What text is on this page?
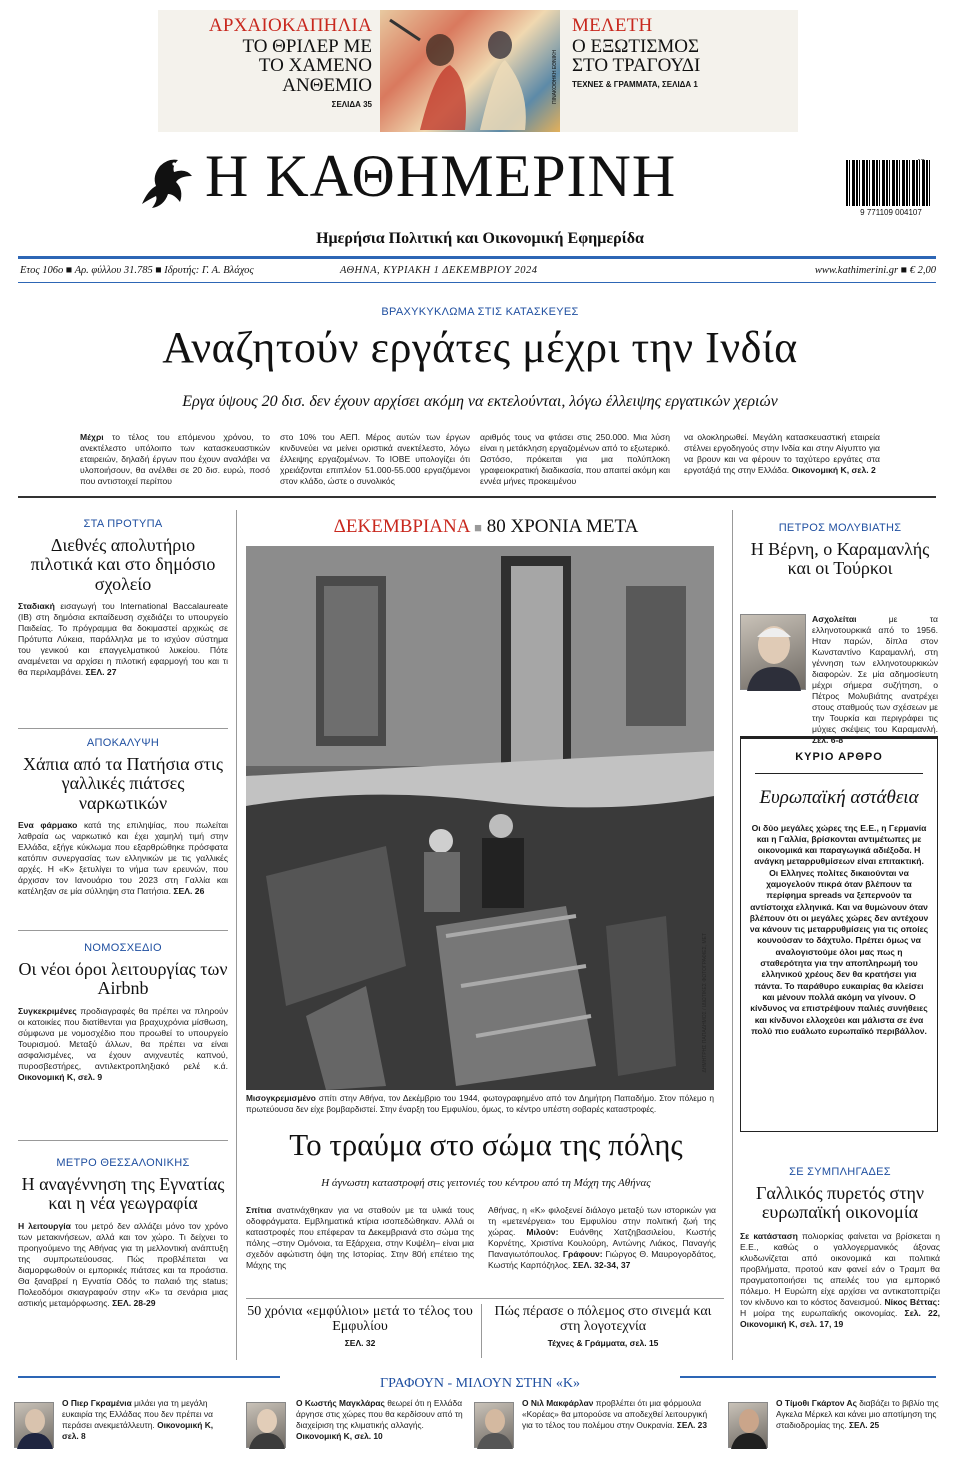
ΑΡΧΑΙΟΚΑΠΗΛΙΑ
ΤΟ ΘΡΙΛΕΡ ΜΕ
ΤΟ ΧΑΜΕΝΟ ΑΝΘΕΜΙΟ
ΣΕΛΙΔΑ 35
ΠΙΝΑΚΟΘΗΚΗ ΕΘΝΙΚΗ
ΜΕΛΕΤΗ
Ο ΕΞΩΤΙΣΜΟΣ
ΣΤΟ ΤΡΑΓΟΥΔΙ
ΤΕΧΝΕΣ & ΓΡΑΜΜΑΤΑ, ΣΕΛΙΔΑ 1
Η ΚΑΘΗΜΕΡΙΝΗ
Ημερήσια Πολιτική και Οικονομική Εφημερίδα
9 771109 004107
Ετος 106ο ■ Αρ. φύλλου 31.785 ■ Ιδρυτής: Γ. Α. Βλάχος	ΑΘΗΝΑ, ΚΥΡΙΑΚΗ 1 ΔΕΚΕΜΒΡΙΟΥ 2024	www.kathimerini.gr ■ € 2,00
ΒΡΑΧΥΚΥΚΛΩΜΑ ΣΤΙΣ ΚΑΤΑΣΚΕΥΕΣ
Αναζητούν εργάτες μέχρι την Ινδία
Εργα ύψους 20 δισ. δεν έχουν αρχίσει ακόμη να εκτελούνται, λόγω έλλειψης εργατικών χεριών
Μέχρι το τέλος του επόμενου χρόνου, το ανεκτέλεστο υπόλοιπο των κατασκευαστικών εταιρειών, δηλαδή έργων που έχουν αναλάβει να υλοποιήσουν, θα ανέλθει σε 20 δισ. ευρώ, ποσό που αντιστοιχεί περίπου
στο 10% του ΑΕΠ. Μέρος αυτών των έργων κινδυνεύει να μείνει οριστικά ανεκτέλεστο, λόγω έλλειψης εργαζομένων. Το ΙΟΒΕ υπολογίζει ότι χρειάζονται επιπλέον 51.000-55.000 εργαζόμενοι στον κλάδο, ώστε ο συνολικός
αριθμός τους να φτάσει στις 250.000. Μια λύση είναι η μετάκληση εργαζομένων από το εξωτερικό. Ωστόσο, πρόκειται για μια πολύπλοκη γραφειοκρατική διαδικασία, που απαιτεί ακόμη και εννέα μήνες προκειμένου
να ολοκληρωθεί. Μεγάλη κατασκευαστική εταιρεία στέλνει εργοδηγούς στην Ινδία και στην Αίγυπτο για να βρουν και να φέρουν το ταχύτερο εργάτες στα εργοτάξιά της στην Ελλάδα. Οικονομική Κ, σελ. 2
ΣΤΑ ΠΡΟΤΥΠΑ
Διεθνές απολυτήριο πιλοτικά και στο δημόσιο σχολείο
Σταδιακή εισαγωγή του International Baccalaureate (IB) στη δημόσια εκπαίδευση σχεδιάζει το υπουργείο Παιδείας. Το πρόγραμμα θα δοκιμαστεί αρχικώς σε Πρότυπα Λύκεια, παράλληλα με το ισχύον σύστημα του γενικού και επαγγελματικού λυκείου. Πότε αναμένεται να αρχίσει η πιλοτική εφαρμογή του και τι θα περιλαμβάνει. ΣΕΛ. 27
ΑΠΟΚΑΛΥΨΗ
Χάπια από τα Πατήσια στις γαλλικές πιάτσες ναρκωτικών
Ενα φάρμακο κατά της επιληψίας, που πωλείται λαθραία ως ναρκωτικό και έχει χαμηλή τιμή στην Ελλάδα, εξήγε κύκλωμα που εξαρθρώθηκε πρόσφατα κατόπιν συνεργασίας των ελληνικών με τις γαλλικές αρχές. Η «Κ» ξετυλίγει το νήμα των ερευνών, που άρχισαν τον Ιανουάριο του 2023 στη Γαλλία και κατέληξαν σε μία σύλληψη στα Πατήσια. ΣΕΛ. 26
ΝΟΜΟΣΧΕΔΙΟ
Οι νέοι όροι λειτουργίας των Airbnb
Συγκεκριμένες προδιαγραφές θα πρέπει να πληρούν οι κατοικίες που διατίθενται για βραχυχρόνια μίσθωση, σύμφωνα με νομοσχέδιο που προωθεί το υπουργείο Τουρισμού. Μεταξύ άλλων, θα πρέπει να είναι ασφαλισμένες, να έχουν ανιχνευτές καπνού, πυροσβεστήρες, αντιλεκτροπληξιακό ρελέ κ.ά. Οικονομική Κ, σελ. 9
ΜΕΤΡΟ ΘΕΣΣΑΛΟΝΙΚΗΣ
Η αναγέννηση της Εγνατίας και η νέα γεωγραφία
Η λειτουργία του μετρό δεν αλλάζει μόνο τον χρόνο των μετακινήσεων, αλλά και τον χώρο. Τι δείχνει το προηγούμενο της Αθήνας για τη μελλοντική ανάπτυξη της συμπρωτεύουσας. Πώς προβλέπεται να διαμορφωθούν οι εμπορικές πιάτσες και τα προάστια. Θα ξαναβρεί η Εγνατία Οδός το παλαιό της status; Πολεοδόμοι σκιαγραφούν στην «Κ» τα σενάρια μιας αστικής μεταμόρφωσης. ΣΕΛ. 28-29
ΔΕΚΕΜΒΡΙΑΝΑ ■ 80 ΧΡΟΝΙΑ ΜΕΤΑ
ΔΗΜΗΤΡΗΣ ΠΑΠΑΔΗΜΟΣ / ΙΔΙΩΤΙΚΕΣ ΦΩΤΟΓΡΑΦΙΕΣ, ΜΕΤ
Μισογκρεμισμένο σπίτι στην Αθήνα, τον Δεκέμβριο του 1944, φωτογραφημένο από τον Δημήτρη Παπαδήμο. Στον πόλεμο η πρωτεύουσα δεν είχε βομβαρδιστεί. Στην έναρξη του Εμφυλίου, όμως, το κέντρο υπέστη σοβαρές καταστροφές.
Το τραύμα στο σώμα της πόλης
Η άγνωστη καταστροφή στις γειτονιές του κέντρου από τη Μάχη της Αθήνας
Σπίτια ανατινάχθηκαν για να σταθούν με τα υλικά τους οδοφράγματα. Εμβληματικά κτίρια ισοπεδώθηκαν. Αλλά οι καταστροφές που επέφεραν τα Δεκεμβριανά στο σώμα της πόλης –στην Ομόνοια, τα Εξάρχεια, στην Κυψέλη– είναι μια σχεδόν αφώτιστη όψη της Ιστορίας. Στην 80ή επέτειο της Μάχης της
Αθήνας, η «Κ» φιλοξενεί διάλογο μεταξύ των ιστορικών για τη «μετενέργεια» του Εμφυλίου στην πολιτική ζωή της χώρας. Μιλούν: Ευάνθης Χατζηβασιλείου, Κωστής Κορνέτης, Χριστίνα Κουλούρη, Αντώνης Λιάκος, Παναγής Παναγιωτόπουλος. Γράφουν: Γιώργος Θ. Μαυρογορδάτος, Κωστής Καρπόζηλος. ΣΕΛ. 32-34, 37
50 χρόνια «εμφύλιοι» μετά το τέλος του Εμφυλίου
ΣΕΛ. 32
Πώς πέρασε ο πόλεμος στο σινεμά και στη λογοτεχνία
Τέχνες & Γράμματα, σελ. 15
ΠΕΤΡΟΣ ΜΟΛΥΒΙΑΤΗΣ
Η Βέρνη, ο Καραμανλής και οι Τούρκοι
Ασχολείται με τα ελληνοτουρκικά από το 1956. Ηταν παρών, δίπλα στον Κωνσταντίνο Καραμανλή, στη γέννηση των ελληνοτουρκικών διαφορών. Σε μία αδημοσίευτη μέχρι σήμερα συζήτηση, ο Πέτρος Μολυβιάτης ανατρέχει στους σταθμούς των σχέσεων με την Τουρκία και περιγράφει τις μύχιες σκέψεις του Καραμανλή. Σελ. 6-8
ΚΥΡΙΟ ΑΡΘΡΟ
Ευρωπαϊκή αστάθεια
Οι δύο μεγάλες χώρες της Ε.Ε., η Γερμανία και η Γαλλία, βρίσκονται αντιμέτωπες με οικονομικά και παραγωγικά αδιέξοδα. Η ανάγκη μεταρρυθμίσεων είναι επιτακτική. Οι Ελληνες πολίτες δικαιούνται να χαμογελούν πικρά όταν βλέπουν τα περίφημα spreads να ξεπερνούν τα αντίστοιχα ελληνικά. Και να θυμώνουν όταν βλέπουν ότι οι μεγάλες χώρες δεν αντέχουν να κάνουν τις μεταρρυθμίσεις για τις οποίες κουνούσαν το δάχτυλο. Πρέπει όμως να αναλογιστούμε όλοι μας πως η σταθερότητα για την αποπληρωμή του ελληνικού χρέους δεν θα κρατήσει για πάντα. Το παράθυρο ευκαιρίας θα κλείσει και μένουν πολλά ακόμη να γίνουν. Ο κίνδυνος να επιστρέψουν παλιές συνήθειες και κίνδυνοι ελλοχεύει και μάλιστα σε ένα πολύ πιο ευάλωτο ευρωπαϊκό περιβάλλον.
ΣΕ ΣΥΜΠΛΗΓΑΔΕΣ
Γαλλικός πυρετός στην ευρωπαϊκή οικονομία
Σε κατάσταση πολιορκίας φαίνεται να βρίσκεται η Ε.Ε., καθώς ο γαλλογερμανικός άξονας κλυδωνίζεται από οικονομικά και πολιτικά προβλήματα, προτού καν φανεί εάν ο Τραμπ θα πραγματοποιήσει τις απειλές του για εμπορικό πόλεμο. Η Ευρώπη είχε αρχίσει να αντικατοπτρίζει τον κίνδυνο και το κόστος δανεισμού. Νίκος Βέττας: Η μοίρα της ευρωπαϊκής οικονομίας. Σελ. 22, Οικονομική Κ, σελ. 17, 19
ΓΡΑΦΟΥΝ - ΜΙΛΟΥΝ ΣΤΗΝ «Κ»
Ο Πιερ Γκραμένια μιλάει για τη μεγάλη ευκαιρία της Ελλάδας που δεν πρέπει να περάσει ανεκμετάλλευτη. Οικονομική Κ, σελ. 8
Ο Κωστής Μαγκλάρας θεωρεί ότι η Ελλάδα άργησε στις χώρες που θα κερδίσουν από τη διαχείριση της κλιματικής αλλαγής. Οικονομική Κ, σελ. 10
Ο Νιλ Μακφάρλαν προβλέπει ότι μια φόρμουλα «Κορέας» θα μπορούσε να αποδεχθεί λειτουργική για το τέλος του πολέμου στην Ουκρανία. ΣΕΛ. 23
Ο Τίμοθι Γκάρτον Ας διαβάζει το βιβλίο της Αγκελα Μέρκελ και κάνει μιο αποτίμηση της σταδιοδρομίας της. ΣΕΛ. 25
